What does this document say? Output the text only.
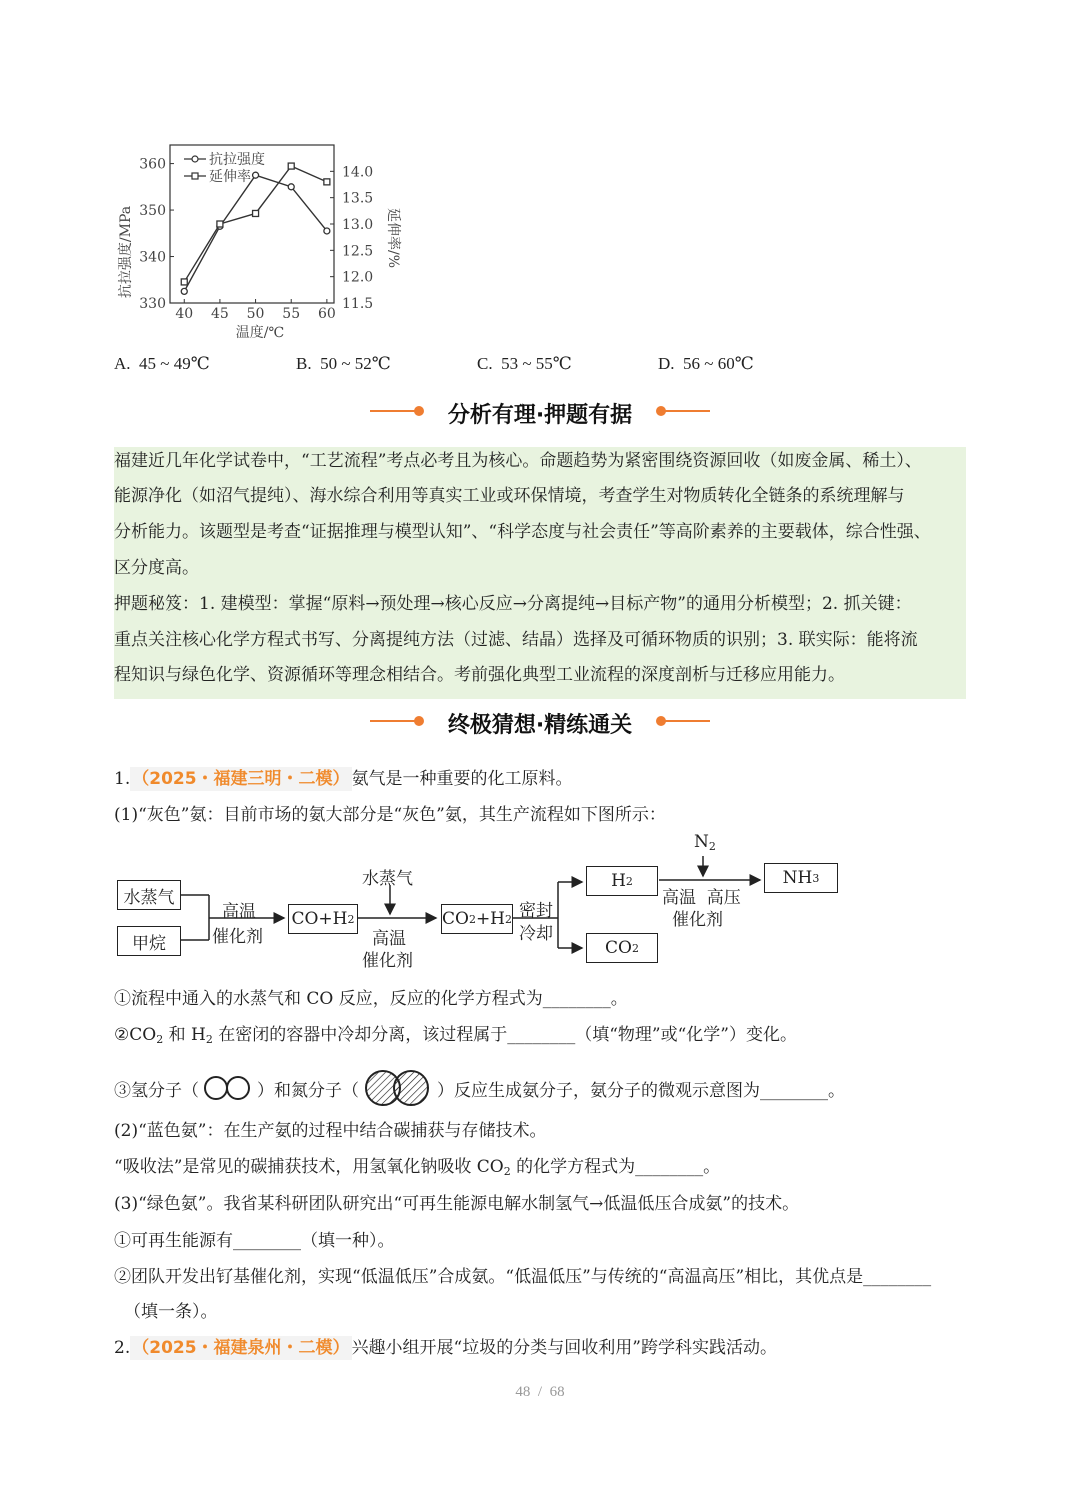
40 45 50 55 60
330
340
350
360
11.5
12.0
12.5
13.0
13.5
14.0
抗拉强度/MPa	延伸率/%
温度/℃
抗拉强度
延伸率
A. 45 ~ 49℃	B. 50 ~ 52℃	C. 53 ~ 55℃	D. 56 ~ 60℃
分析有理·押题有据
福建近几年化学试卷中，“工艺流程”考点必考且为核心。命题趋势为紧密围绕资源回收（如废金属、稀土）、
能源净化（如沼气提纯）、海水综合利用等真实工业或环保情境，考查学生对物质转化全链条的系统理解与
分析能力。该题型是考查“证据推理与模型认知”、“科学态度与社会责任”等高阶素养的主要载体，综合性强、
区分度高。
押题秘笈：1. 建模型：掌握“原料→预处理→核心反应→分离提纯→目标产物”的通用分析模型；2. 抓关键：
重点关注核心化学方程式书写、分离提纯方法（过滤、结晶）选择及可循环物质的识别；3. 联实际：能将流
程知识与绿色化学、资源循环等理念相结合。考前强化典型工业流程的深度剖析与迁移应用能力。
终极猜想·精练通关
1. （2025・福建三明・二模） 氨气是一种重要的化工原料。
(1)“灰色”氨：目前市场的氨大部分是“灰色”氨，其生产流程如下图所示：
水蒸气
甲烷
高温
催化剂
CO+H 2
水蒸气
高温
催化剂
CO 2 +H 2 密封
冷却
H 2
CO 2
$N_2$
高温  高压
催化剂
NH 3
①流程中通入的水蒸气和 CO 反应，反应的化学方程式为________。
$②CO_2$ 和 $H_2$ 在密闭的容器中冷却分离，该过程属于________（填“物理”或“化学”）变化。
③氢分子（	）和氮分子（	）反应生成氨分子，氨分子的微观示意图为________。
(2)“蓝色氨”：在生产氨的过程中结合碳捕获与存储技术。
“吸收法”是常见的碳捕获技术，用氢氧化钠吸收 $CO_2$ 的化学方程式为________。
(3)“绿色氨”。我省某科研团队研究出“可再生能源电解水制氢气→低温低压合成氨”的技术。
①可再生能源有________（填一种）。
②团队开发出钌基催化剂，实现“低温低压”合成氨。“低温低压”与传统的“高温高压”相比，其优点是________
（填一条）。
2. （2025・福建泉州・二模） 兴趣小组开展“垃圾的分类与回收利用”跨学科实践活动。
48  /  68
